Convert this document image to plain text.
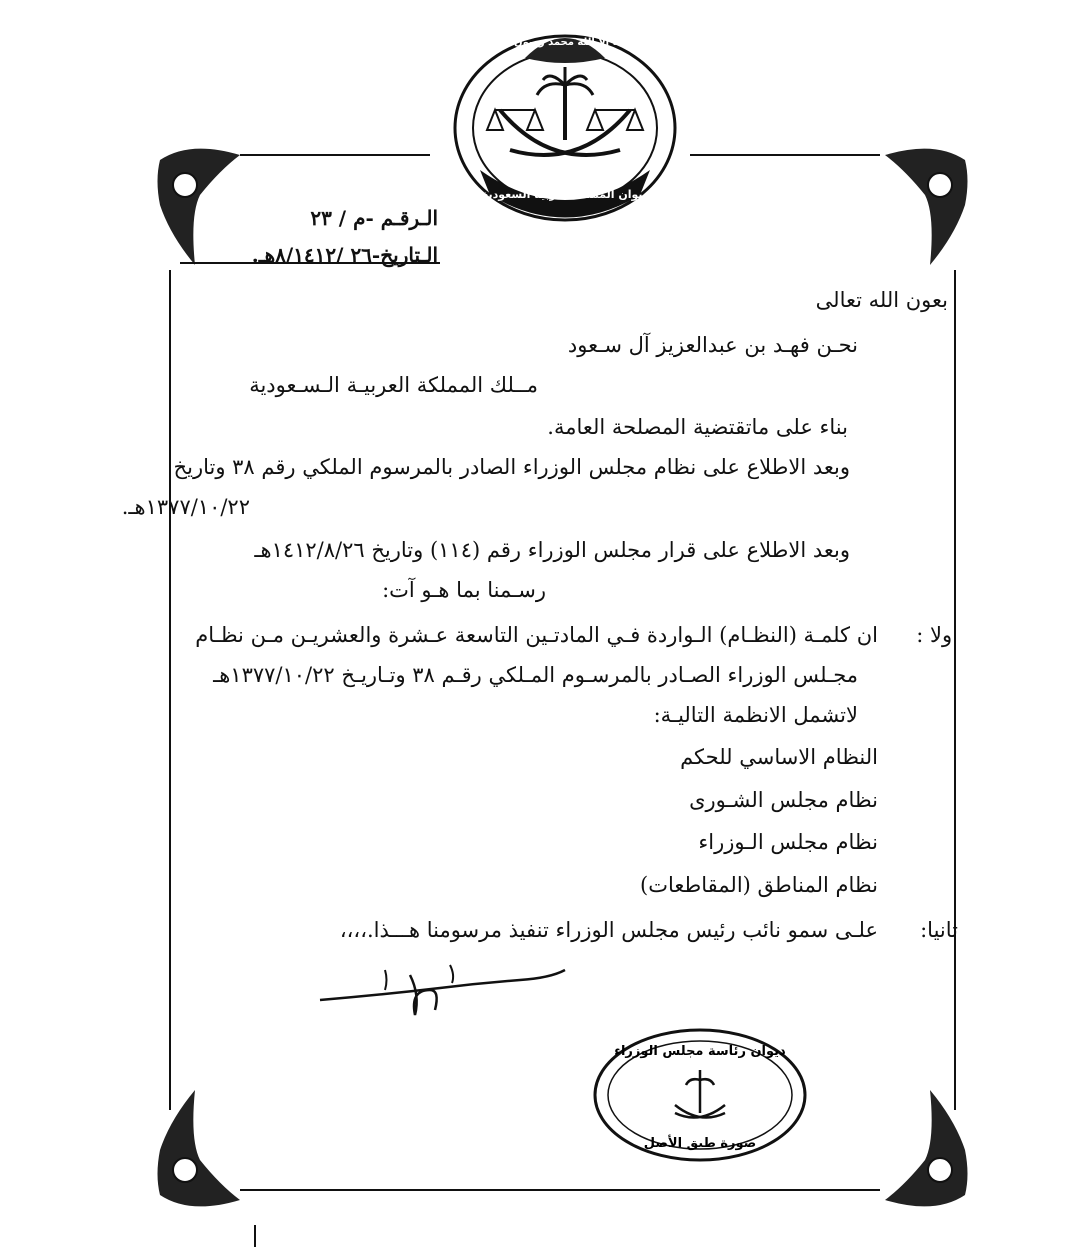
لا إله إلا الله محمد رسول الله
ديوان المملكة العربية السعودية
الـرقـم -م / ٢٣
الـتاريخ-٢٦ /٨/١٤١٢هـ.
بعون الله تعالى
نحـن فهـد بن عبدالعزيز آل سـعود
مــلك المملكة العربيـة الـسـعودية
بناء على ماتقتضية المصلحة العامة.
وبعد الاطلاع على نظام مجلس الوزراء الصادر بالمرسوم الملكي رقم ٣٨ وتاريخ
١٣٧٧/١٠/٢٢هـ.
وبعد الاطلاع على قرار مجلس الوزراء رقم (١١٤) وتاريخ ١٤١٢/٨/٢٦هـ
رسـمنا بما هـو آت:
اولا :
ان كلمـة (النظـام) الـواردة فـي المادتـين التاسعة عـشرة والعشريـن مـن نظـام
مجـلس الوزراء الصـادر بالمرسـوم المـلكي رقـم ٣٨ وتـاريـخ ١٣٧٧/١٠/٢٢هـ
لاتشمل الانظمة التاليـة:
النظام الاساسي للحكم
نظام مجلس الشـورى
نظام مجلس الـوزراء
نظام المناطق (المقاطعات)
ثانيا:
علـى سمو نائب رئيس مجلس الوزراء تنفيذ مرسومنا هـــذا.،،،،
ديوان رئاسة مجلس الوزراء
صورة طبق الأصل
